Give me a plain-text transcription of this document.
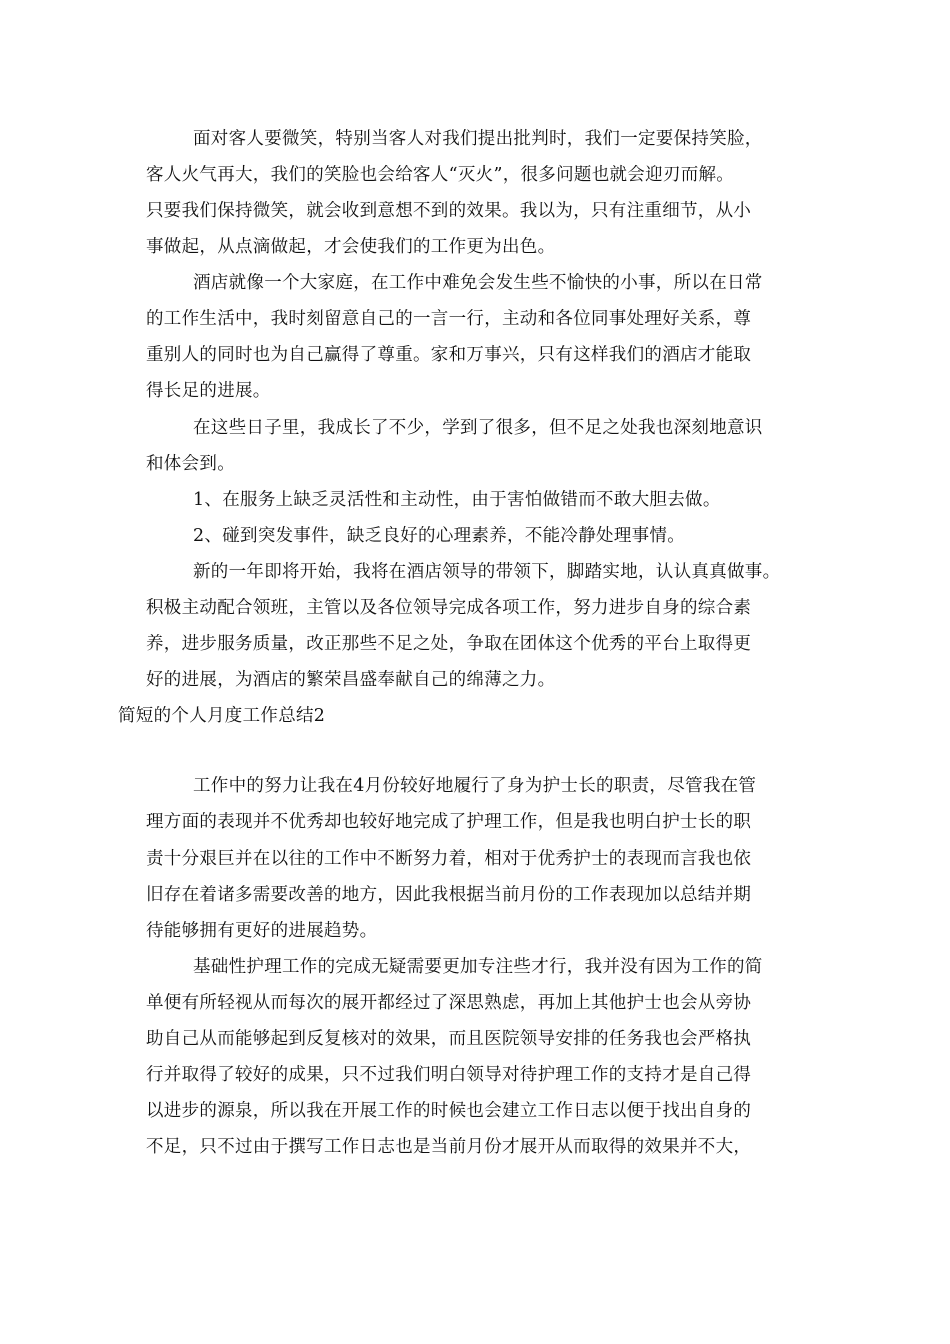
面对客人要微笑，特别当客人对我们提出批判时，我们一定要保持笑脸，
客人火气再大，我们的笑脸也会给客人“灭火”，很多问题也就会迎刃而解。
只要我们保持微笑，就会收到意想不到的效果。我以为，只有注重细节，从小
事做起，从点滴做起，才会使我们的工作更为出色。
酒店就像一个大家庭，在工作中难免会发生些不愉快的小事，所以在日常
的工作生活中，我时刻留意自己的一言一行，主动和各位同事处理好关系，尊
重别人的同时也为自己赢得了尊重。家和万事兴，只有这样我们的酒店才能取
得长足的进展。
在这些日子里，我成长了不少，学到了很多，但不足之处我也深刻地意识
和体会到。
1、在服务上缺乏灵活性和主动性，由于害怕做错而不敢大胆去做。
2、碰到突发事件，缺乏良好的心理素养，不能冷静处理事情。
新的一年即将开始，我将在酒店领导的带领下，脚踏实地，认认真真做事。
积极主动配合领班，主管以及各位领导完成各项工作，努力进步自身的综合素
养，进步服务质量，改正那些不足之处，争取在团体这个优秀的平台上取得更
好的进展，为酒店的繁荣昌盛奉献自己的绵薄之力。
简短的个人月度工作总结2
工作中的努力让我在4月份较好地履行了身为护士长的职责，尽管我在管
理方面的表现并不优秀却也较好地完成了护理工作，但是我也明白护士长的职
责十分艰巨并在以往的工作中不断努力着，相对于优秀护士的表现而言我也依
旧存在着诸多需要改善的地方，因此我根据当前月份的工作表现加以总结并期
待能够拥有更好的进展趋势。
基础性护理工作的完成无疑需要更加专注些才行，我并没有因为工作的简
单便有所轻视从而每次的展开都经过了深思熟虑，再加上其他护士也会从旁协
助自己从而能够起到反复核对的效果，而且医院领导安排的任务我也会严格执
行并取得了较好的成果，只不过我们明白领导对待护理工作的支持才是自己得
以进步的源泉，所以我在开展工作的时候也会建立工作日志以便于找出自身的
不足，只不过由于撰写工作日志也是当前月份才展开从而取得的效果并不大，
